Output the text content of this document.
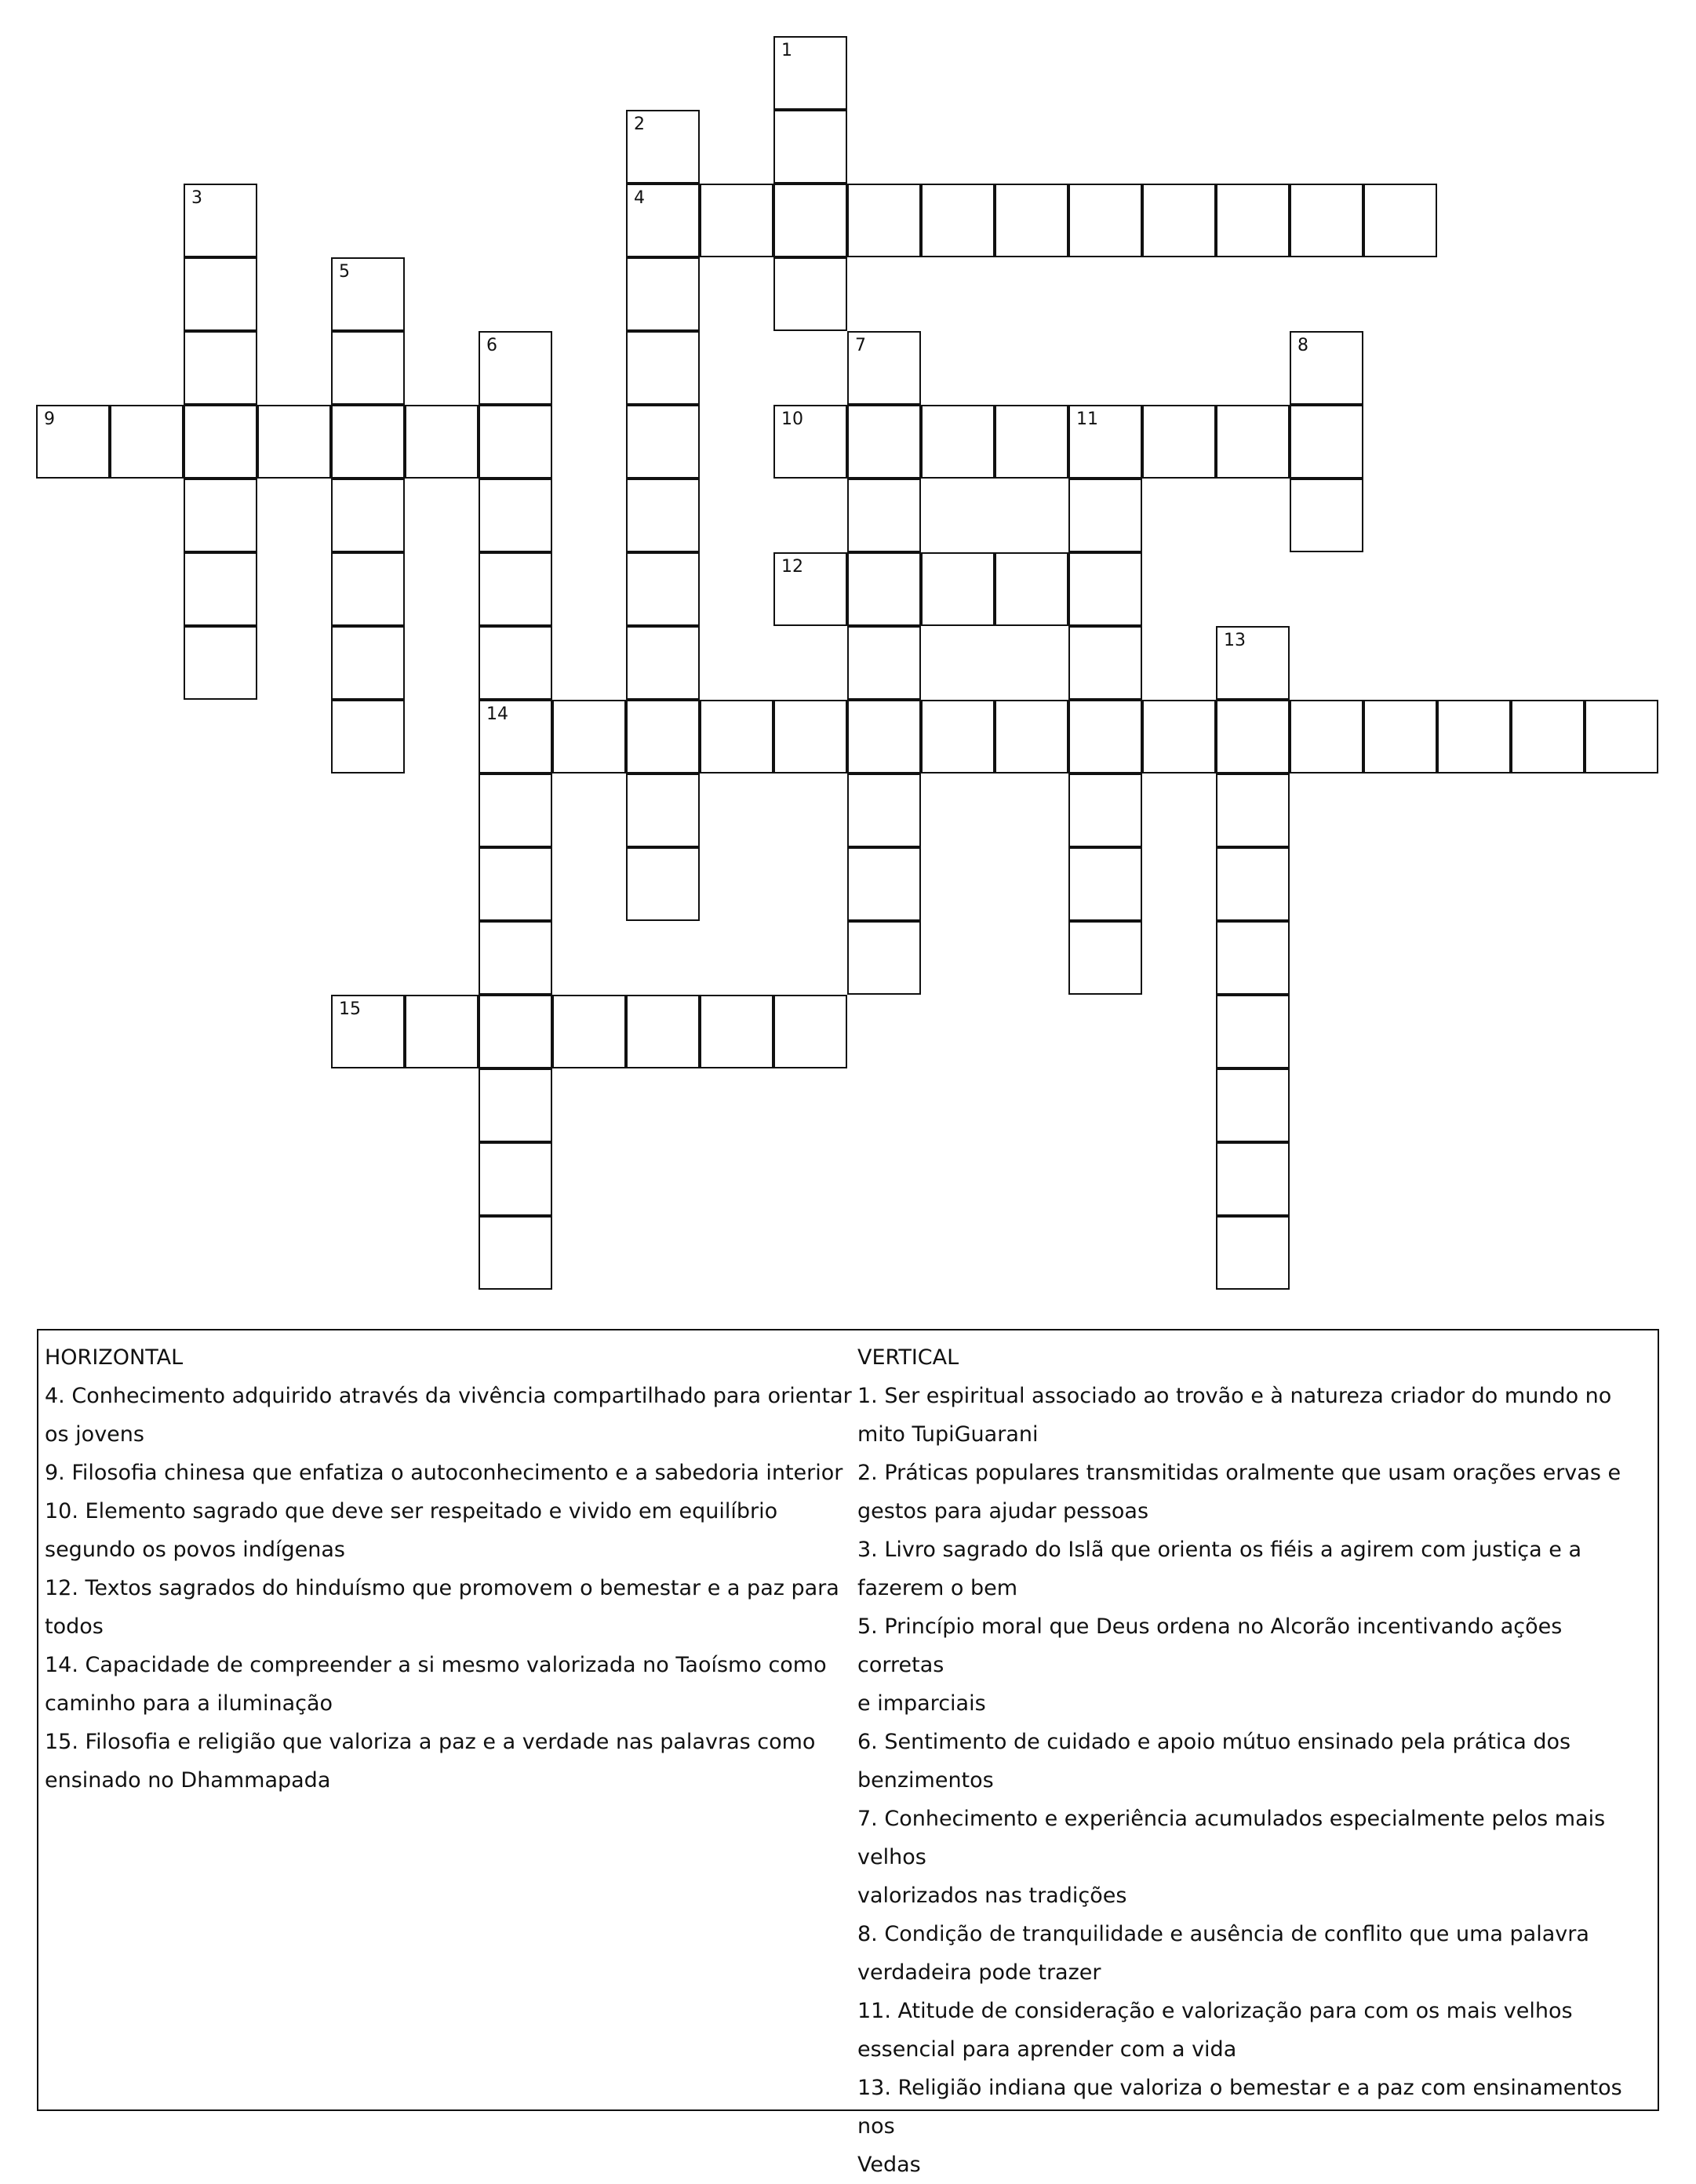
1
2
3	4
5
6	7	8
9	10	11
12
13
14
15
HORIZONTAL
4. Conhecimento adquirido através da vivência compartilhado para orientar
os jovens
9. Filosofia chinesa que enfatiza o autoconhecimento e a sabedoria interior
10. Elemento sagrado que deve ser respeitado e vivido em equilíbrio
segundo os povos indígenas
12. Textos sagrados do hinduísmo que promovem o bemestar e a paz para
todos
14. Capacidade de compreender a si mesmo valorizada no Taoísmo como
caminho para a iluminação
15. Filosofia e religião que valoriza a paz e a verdade nas palavras como
ensinado no Dhammapada
VERTICAL
1. Ser espiritual associado ao trovão e à natureza criador do mundo no
mito TupiGuarani
2. Práticas populares transmitidas oralmente que usam orações ervas e
gestos para ajudar pessoas
3. Livro sagrado do Islã que orienta os fiéis a agirem com justiça e a
fazerem o bem
5. Princípio moral que Deus ordena no Alcorão incentivando ações corretas
e imparciais
6. Sentimento de cuidado e apoio mútuo ensinado pela prática dos
benzimentos
7. Conhecimento e experiência acumulados especialmente pelos mais velhos
valorizados nas tradições
8. Condição de tranquilidade e ausência de conflito que uma palavra
verdadeira pode trazer
11. Atitude de consideração e valorização para com os mais velhos
essencial para aprender com a vida
13. Religião indiana que valoriza o bemestar e a paz com ensinamentos nos
Vedas
